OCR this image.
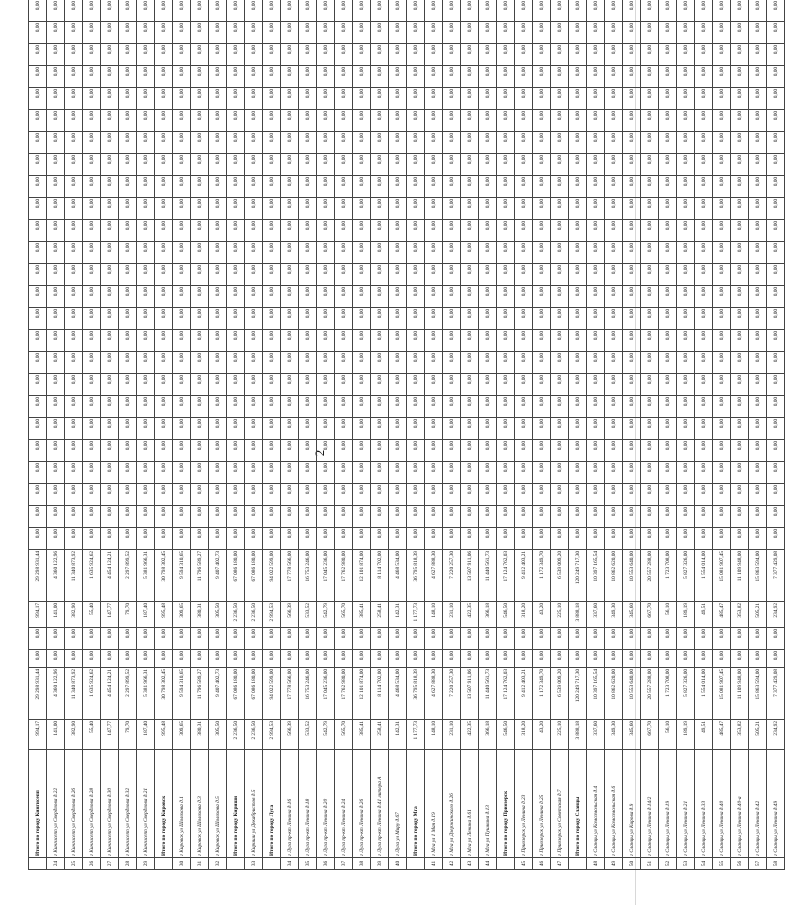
2
	Итого по городу Кингисепп	994,17	29 298 931,44	0,00	0,00	994,17	29 298 931,44	0,00	0,00	0,00	0,00	0,00	0,00	0,00	0,00	0,00	0,00	0,00	0,00	0,00	0,00	0,00	0,00	0,00	0,00	0,00	0,00	0,00	0,00	0,00	0,00	0,00
24	г Кингисепп ул Свердлова д.22	141,00	4 360 122,96	0,00	0,00	141,00	4 360 122,96	0,00	0,00	0,00	0,00	0,00	0,00	0,00	0,00	0,00	0,00	0,00	0,00	0,00	0,00	0,00	0,00	0,00	0,00	0,00	0,00	0,00	0,00	0,00	0,00	0,00
25	г Кингисепп ул Свердлова д.26	382,90	11 340 873,92	0,00	0,00	382,90	11 340 873,92	0,00	0,00	0,00	0,00	0,00	0,00	0,00	0,00	0,00	0,00	0,00	0,00	0,00	0,00	0,00	0,00	0,00	0,00	0,00	0,00	0,00	0,00	0,00	0,00	0,00
26	г Кингисепп ул Свердлова д.28	55,40	1 635 924,62	0,00	0,00	55,40	1 635 924,62	0,00	0,00	0,00	0,00	0,00	0,00	0,00	0,00	0,00	0,00	0,00	0,00	0,00	0,00	0,00	0,00	0,00	0,00	0,00	0,00	0,00	0,00	0,00	0,00	0,00
27	г Кингисепп ул Свердлова д.30	147,77	4 454 124,21	0,00	0,00	147,77	4 454 124,21	0,00	0,00	0,00	0,00	0,00	0,00	0,00	0,00	0,00	0,00	0,00	0,00	0,00	0,00	0,00	0,00	0,00	0,00	0,00	0,00	0,00	0,00	0,00	0,00	0,00
28	г Кингисепп ул Свердлова д.32	79,70	2 297 899,52	0,00	0,00	79,70	2 297 899,52	0,00	0,00	0,00	0,00	0,00	0,00	0,00	0,00	0,00	0,00	0,00	0,00	0,00	0,00	0,00	0,00	0,00	0,00	0,00	0,00	0,00	0,00	0,00	0,00	0,00
29	г Кингисепп ул Свердлова д.21	187,40	5 381 966,31	0,00	0,00	187,40	5 381 966,31	0,00	0,00	0,00	0,00	0,00	0,00	0,00	0,00	0,00	0,00	0,00	0,00	0,00	0,00	0,00	0,00	0,00	0,00	0,00	0,00	0,00	0,00	0,00	0,00	0,00
	Итого по городу Кировск	995,48	30 798 302,45	0,00	0,00	995,48	30 798 302,45	0,00	0,00	0,00	0,00	0,00	0,00	0,00	0,00	0,00	0,00	0,00	0,00	0,00	0,00	0,00	0,00	0,00	0,00	0,00	0,00	0,00	0,00	0,00	0,00	0,00
30	г Кировск ул Шолохова д.1	309,65	9 594 310,65	0,00	0,00	309,65	9 594 310,65	0,00	0,00	0,00	0,00	0,00	0,00	0,00	0,00	0,00	0,00	0,00	0,00	0,00	0,00	0,00	0,00	0,00	0,00	0,00	0,00	0,00	0,00	0,00	0,00	0,00
31	г Кировск ул Шолохова д.3	380,31	11 796 589,27	0,00	0,00	380,31	11 796 589,27	0,00	0,00	0,00	0,00	0,00	0,00	0,00	0,00	0,00	0,00	0,00	0,00	0,00	0,00	0,00	0,00	0,00	0,00	0,00	0,00	0,00	0,00	0,00	0,00	0,00
32	г Кировск ул Шолохова д.5	305,50	9 407 402,73	0,00	0,00	305,50	9 407 402,73	0,00	0,00	0,00	0,00	0,00	0,00	0,00	0,00	0,00	0,00	0,00	0,00	0,00	0,00	0,00	0,00	0,00	0,00	0,00	0,00	0,00	0,00	0,00	0,00	0,00
	Итого по городу Кириши	2 236,50	67 086 180,00	0,00	0,00	2 236,50	67 086 180,00	0,00	0,00	0,00	0,00	0,00	0,00	0,00	0,00	0,00	0,00	0,00	0,00	0,00	0,00	0,00	0,00	0,00	0,00	0,00	0,00	0,00	0,00	0,00	0,00	0,00
33	г Кириши ул Декабристов д.5	2 236,50	67 086 180,00	0,00	0,00	2 236,50	67 086 180,00	0,00	0,00	0,00	0,00	0,00	0,00	0,00	0,00	0,00	0,00	0,00	0,00	0,00	0,00	0,00	0,00	0,00	0,00	0,00	0,00	0,00	0,00	0,00	0,00	0,00
	Итого по городу Луга	2 994,53	94 022 599,00	0,00	0,00	2 994,53	94 022 599,00	0,00	0,00	0,00	0,00	0,00	0,00	0,00	0,00	0,00	0,00	0,00	0,00	0,00	0,00	0,00	0,00	0,00	0,00	0,00	0,00	0,00	0,00	0,00	0,00	0,00
34	г Луга пр-кт Ленина д.16	566,39	17 778 566,00	0,00	0,00	566,39	17 778 566,00	0,00	0,00	0,00	0,00	0,00	0,00	0,00	0,00	0,00	0,00	0,00	0,00	0,00	0,00	0,00	0,00	0,00	0,00	0,00	0,00	0,00	0,00	0,00	0,00	0,00
35	г Луга пр-кт Ленина д.18	533,52	16 753 246,00	0,00	0,00	533,52	16 753 246,00	0,00	0,00	0,00	0,00	0,00	0,00	0,00	0,00	0,00	0,00	0,00	0,00	0,00	0,00	0,00	0,00	0,00	0,00	0,00	0,00	0,00	0,00	0,00	0,00	0,00
36	г Луга пр-кт Ленина д.20	542,79	17 045 236,00	0,00	0,00	542,79	17 045 236,00	0,00	0,00	0,00	0,00	0,00	0,00	0,00	0,00	0,00	0,00	0,00	0,00	0,00	0,00	0,00	0,00	0,00	0,00	0,00	0,00	0,00	0,00	0,00	0,00	0,00
37	г Луга пр-кт Ленина д.24	565,70	17 762 980,00	0,00	0,00	565,70	17 762 980,00	0,00	0,00	0,00	0,00	0,00	0,00	0,00	0,00	0,00	0,00	0,00	0,00	0,00	0,00	0,00	0,00	0,00	0,00	0,00	0,00	0,00	0,00	0,00	0,00	0,00
38	г Луга пр-кт Ленина д.26	385,41	12 101 874,00	0,00	0,00	385,41	12 101 874,00	0,00	0,00	0,00	0,00	0,00	0,00	0,00	0,00	0,00	0,00	0,00	0,00	0,00	0,00	0,00	0,00	0,00	0,00	0,00	0,00	0,00	0,00	0,00	0,00	0,00
39	г Луга пр-кт Ленина д.41 литера А	258,41	8 114 702,00	0,00	0,00	258,41	8 114 702,00	0,00	0,00	0,00	0,00	0,00	0,00	0,00	0,00	0,00	0,00	0,00	0,00	0,00	0,00	0,00	0,00	0,00	0,00	0,00	0,00	0,00	0,00	0,00	0,00	0,00
40	г Луга ул Миру д.67	142,31	4 468 534,00	0,00	0,00	142,31	4 468 534,00	0,00	0,00	0,00	0,00	0,00	0,00	0,00	0,00	0,00	0,00	0,00	0,00	0,00	0,00	0,00	0,00	0,00	0,00	0,00	0,00	0,00	0,00	0,00	0,00	0,00
	Итого по городу Мга	1 177,73	36 795 818,39	0,00	0,00	1 177,73	36 795 818,39	0,00	0,00	0,00	0,00	0,00	0,00	0,00	0,00	0,00	0,00	0,00	0,00	0,00	0,00	0,00	0,00	0,00	0,00	0,00	0,00	0,00	0,00	0,00	0,00	0,00
41	г Мга ул 1 Мая д.19	148,10	4 627 888,30	0,00	0,00	148,10	4 627 888,30	0,00	0,00	0,00	0,00	0,00	0,00	0,00	0,00	0,00	0,00	0,00	0,00	0,00	0,00	0,00	0,00	0,00	0,00	0,00	0,00	0,00	0,00	0,00	0,00	0,00
42	г Мга ул Дзержинского д.26	231,10	7 220 257,30	0,00	0,00	231,10	7 220 257,30	0,00	0,00	0,00	0,00	0,00	0,00	0,00	0,00	0,00	0,00	0,00	0,00	0,00	0,00	0,00	0,00	0,00	0,00	0,00	0,00	0,00	0,00	0,00	0,00	0,00
43	г Мга ул Ленина д.61	422,35	13 507 911,06	0,00	0,00	422,35	13 507 911,06	0,00	0,00	0,00	0,00	0,00	0,00	0,00	0,00	0,00	0,00	0,00	0,00	0,00	0,00	0,00	0,00	0,00	0,00	0,00	0,00	0,00	0,00	0,00	0,00	0,00
44	г Мга ул Пушкина д.13	366,18	11 440 561,73	0,00	0,00	366,18	11 440 561,73	0,00	0,00	0,00	0,00	0,00	0,00	0,00	0,00	0,00	0,00	0,00	0,00	0,00	0,00	0,00	0,00	0,00	0,00	0,00	0,00	0,00	0,00	0,00	0,00	0,00
	Итого по городу Приозерск	546,50	17 124 762,03	0,00	0,00	546,50	17 124 762,03	0,00	0,00	0,00	0,00	0,00	0,00	0,00	0,00	0,00	0,00	0,00	0,00	0,00	0,00	0,00	0,00	0,00	0,00	0,00	0,00	0,00	0,00	0,00	0,00	0,00
45	г Приозерск ул Ленина д.23	318,20	9 412 403,21	0,00	0,00	318,20	9 412 403,21	0,00	0,00	0,00	0,00	0,00	0,00	0,00	0,00	0,00	0,00	0,00	0,00	0,00	0,00	0,00	0,00	0,00	0,00	0,00	0,00	0,00	0,00	0,00	0,00	0,00
46	г Приозерск ул Ленина д.25	43,20	1 172 349,70	0,00	0,00	43,20	1 172 349,70	0,00	0,00	0,00	0,00	0,00	0,00	0,00	0,00	0,00	0,00	0,00	0,00	0,00	0,00	0,00	0,00	0,00	0,00	0,00	0,00	0,00	0,00	0,00	0,00	0,00
47	г Приозерск ул Советская д.7	225,10	6 539 009,20	0,00	0,00	225,10	6 539 009,20	0,00	0,00	0,00	0,00	0,00	0,00	0,00	0,00	0,00	0,00	0,00	0,00	0,00	0,00	0,00	0,00	0,00	0,00	0,00	0,00	0,00	0,00	0,00	0,00	0,00
	Итого по городу Сланцы	3 888,18	120 249 717,30	0,00	0,00	3 888,18	120 249 717,30	0,00	0,00	0,00	0,00	0,00	0,00	0,00	0,00	0,00	0,00	0,00	0,00	0,00	0,00	0,00	0,00	0,00	0,00	0,00	0,00	0,00	0,00	0,00	0,00	0,00
48	г Сланцы ул Комсомольская д.4	337,60	10 397 165,54	0,00	0,00	337,60	10 397 165,54	0,00	0,00	0,00	0,00	0,00	0,00	0,00	0,00	0,00	0,00	0,00	0,00	0,00	0,00	0,00	0,00	0,00	0,00	0,00	0,00	0,00	0,00	0,00	0,00	0,00
49	г Сланцы ул Комсомольская д.6	349,30	10 862 620,00	0,00	0,00	349,30	10 862 620,00	0,00	0,00	0,00	0,00	0,00	0,00	0,00	0,00	0,00	0,00	0,00	0,00	0,00	0,00	0,00	0,00	0,00	0,00	0,00	0,00	0,00	0,00	0,00	0,00	0,00
50	г Сланцы ул Кирова д.9	345,60	10 553 640,00	0,00	0,00	345,60	10 553 640,00	0,00	0,00	0,00	0,00	0,00	0,00	0,00	0,00	0,00	0,00	0,00	0,00	0,00	0,00	0,00	0,00	0,00	0,00	0,00	0,00	0,00	0,00	0,00	0,00	0,00
51	г Сланцы ул Ленина д.14/2	667,70	20 557 288,00	0,00	0,00	667,70	20 557 288,00	0,00	0,00	0,00	0,00	0,00	0,00	0,00	0,00	0,00	0,00	0,00	0,00	0,00	0,00	0,00	0,00	0,00	0,00	0,00	0,00	0,00	0,00	0,00	0,00	0,00
52	г Сланцы ул Ленина д.19	56,10	1 723 708,00	0,00	0,00	56,10	1 723 708,00	0,00	0,00	0,00	0,00	0,00	0,00	0,00	0,00	0,00	0,00	0,00	0,00	0,00	0,00	0,00	0,00	0,00	0,00	0,00	0,00	0,00	0,00	0,00	0,00	0,00
53	г Сланцы ул Ленина д.21	189,19	5 827 326,00	0,00	0,00	189,19	5 827 326,00	0,00	0,00	0,00	0,00	0,00	0,00	0,00	0,00	0,00	0,00	0,00	0,00	0,00	0,00	0,00	0,00	0,00	0,00	0,00	0,00	0,00	0,00	0,00	0,00	0,00
54	г Сланцы ул Ленина д.33	49,51	1 554 014,00	0,00	0,00	49,51	1 554 014,00	0,00	0,00	0,00	0,00	0,00	0,00	0,00	0,00	0,00	0,00	0,00	0,00	0,00	0,00	0,00	0,00	0,00	0,00	0,00	0,00	0,00	0,00	0,00	0,00	0,00
55	г Сланцы ул Ленина д.40	485,47	15 081 907,45	0,00	0,00	485,47	15 081 907,45	0,00	0,00	0,00	0,00	0,00	0,00	0,00	0,00	0,00	0,00	0,00	0,00	0,00	0,00	0,00	0,00	0,00	0,00	0,00	0,00	0,00	0,00	0,00	0,00	0,00
56	г Сланцы ул Ленина д.40-а	353,82	11 109 948,00	0,00	0,00	353,82	11 109 948,00	0,00	0,00	0,00	0,00	0,00	0,00	0,00	0,00	0,00	0,00	0,00	0,00	0,00	0,00	0,00	0,00	0,00	0,00	0,00	0,00	0,00	0,00	0,00	0,00	0,00
57	г Сланцы ул Ленина д.42	505,21	15 863 594,00	0,00	0,00	505,21	15 863 594,00	0,00	0,00	0,00	0,00	0,00	0,00	0,00	0,00	0,00	0,00	0,00	0,00	0,00	0,00	0,00	0,00	0,00	0,00	0,00	0,00	0,00	0,00	0,00	0,00	0,00
58	г Сланцы ул Ленина д.49	234,92	7 377 429,08	0,00	0,00	234,92	7 377 429,08	0,00	0,00	0,00	0,00	0,00	0,00	0,00	0,00	0,00	0,00	0,00	0,00	0,00	0,00	0,00	0,00	0,00	0,00	0,00	0,00	0,00	0,00	0,00	0,00	0,00
